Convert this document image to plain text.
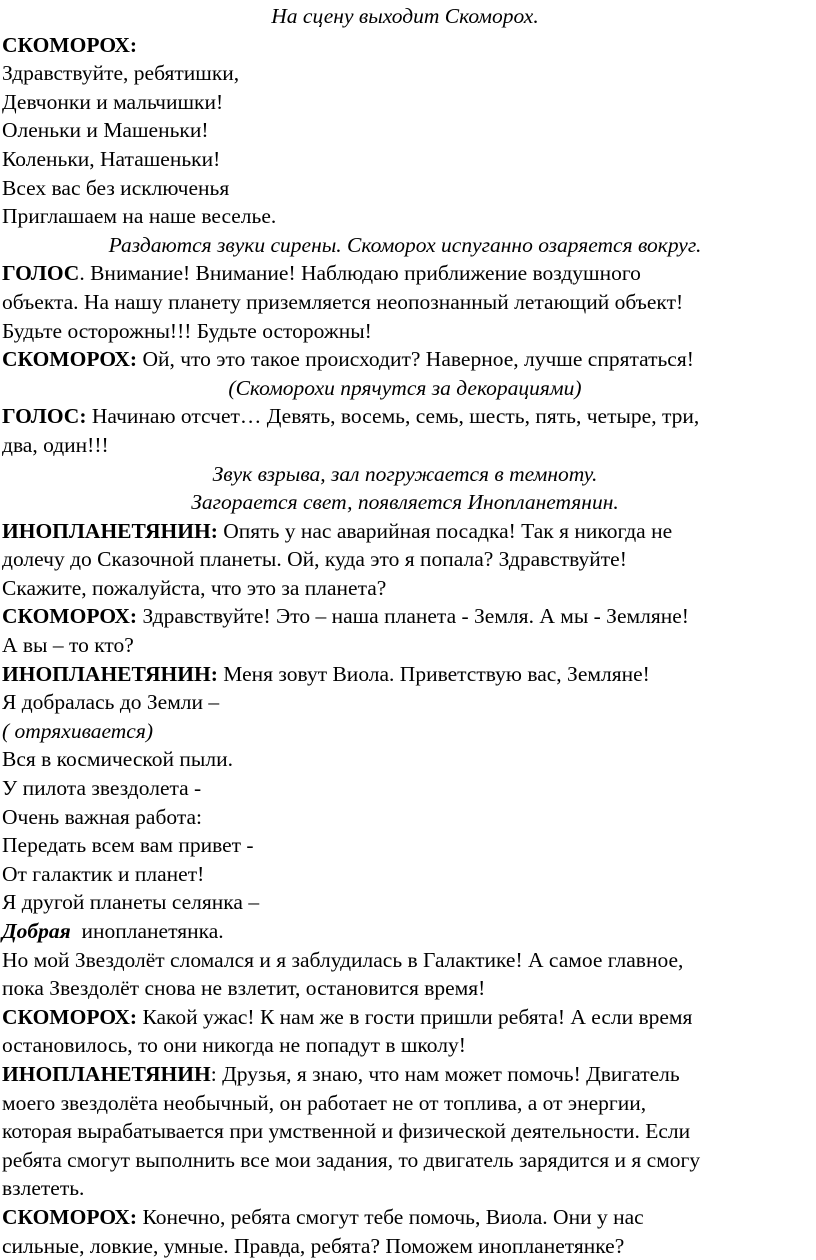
На сцену выходит Скоморох.
СКОМОРОХ:
Здравствуйте, ребятишки,
Девчонки и мальчишки!
Оленьки и Машеньки!
Коленьки, Наташеньки!
Всех вас без исключенья
Приглашаем на наше веселье.
Раздаются звуки сирены. Скоморох испуганно озаряется вокруг.
ГОЛОС. Внимание! Внимание! Наблюдаю приближение воздушного
объекта. На нашу планету приземляется неопознанный летающий объект!
Будьте осторожны!!! Будьте осторожны!
СКОМОРОХ: Ой, что это такое происходит? Наверное, лучше спрятаться!
(Скоморохи прячутся за декорациями)
ГОЛОС: Начинаю отсчет… Девять, восемь, семь, шесть, пять, четыре, три,
два, один!!!
Звук взрыва, зал погружается в темноту.
Загорается свет, появляется Инопланетянин.
ИНОПЛАНЕТЯНИН: Опять у нас аварийная посадка! Так я никогда не
долечу до Сказочной планеты. Ой, куда это я попала? Здравствуйте!
Скажите, пожалуйста, что это за планета?
СКОМОРОХ: Здравствуйте! Это – наша планета - Земля. А мы - Земляне!
А вы – то кто?
ИНОПЛАНЕТЯНИН: Меня зовут Виола. Приветствую вас, Земляне!
Я добралась до Земли –
( отряхивается)
Вся в космической пыли.
У пилота звездолета -
Очень важная работа:
Передать всем вам привет -
От галактик и планет!
Я другой планеты селянка –
Добрая  инопланетянка.
Но мой Звездолёт сломался и я заблудилась в Галактике! А самое главное,
пока Звездолёт снова не взлетит, остановится время!
СКОМОРОХ: Какой ужас! К нам же в гости пришли ребята! А если время
остановилось, то они никогда не попадут в школу!
ИНОПЛАНЕТЯНИН: Друзья, я знаю, что нам может помочь! Двигатель
моего звездолёта необычный, он работает не от топлива, а от энергии,
которая вырабатывается при умственной и физической деятельности. Если
ребята смогут выполнить все мои задания, то двигатель зарядится и я смогу
взлететь.
СКОМОРОХ: Конечно, ребята смогут тебе помочь, Виола. Они у нас
сильные, ловкие, умные. Правда, ребята? Поможем инопланетянке?
